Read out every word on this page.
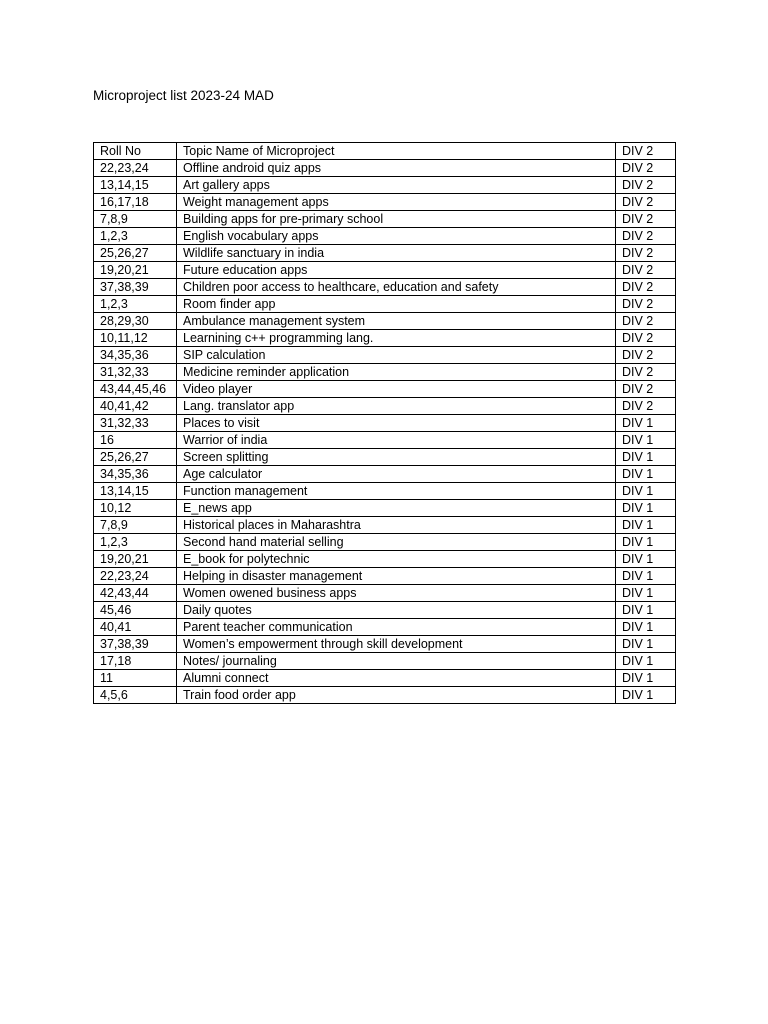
Microproject list 2023-24 MAD
Roll No	Topic Name of Microproject	DIV 2
22,23,24	Offline android quiz apps	DIV 2
13,14,15	Art gallery apps	DIV 2
16,17,18	Weight management apps	DIV 2
7,8,9	Building apps for pre-primary school	DIV 2
1,2,3	English vocabulary apps	DIV 2
25,26,27	Wildlife sanctuary in india	DIV 2
19,20,21	Future education apps	DIV 2
37,38,39	Children poor access to healthcare, education and safety	DIV 2
1,2,3	Room finder app	DIV 2
28,29,30	Ambulance management system	DIV 2
10,11,12	Learnining c++ programming lang.	DIV 2
34,35,36	SIP calculation	DIV 2
31,32,33	Medicine reminder application	DIV 2
43,44,45,46	Video player	DIV 2
40,41,42	Lang. translator app	DIV 2
31,32,33	Places to visit	DIV 1
16	Warrior of india	DIV 1
25,26,27	Screen splitting	DIV 1
34,35,36	Age calculator	DIV 1
13,14,15	Function management	DIV 1
10,12	E_news app	DIV 1
7,8,9	Historical places in Maharashtra	DIV 1
1,2,3	Second hand material selling	DIV 1
19,20,21	E_book for polytechnic	DIV 1
22,23,24	Helping in disaster management	DIV 1
42,43,44	Women owened business apps	DIV 1
45,46	Daily quotes	DIV 1
40,41	Parent teacher communication	DIV 1
37,38,39	Women’s empowerment through skill development	DIV 1
17,18	Notes/ journaling	DIV 1
11	Alumni connect	DIV 1
4,5,6	Train food order app	DIV 1
